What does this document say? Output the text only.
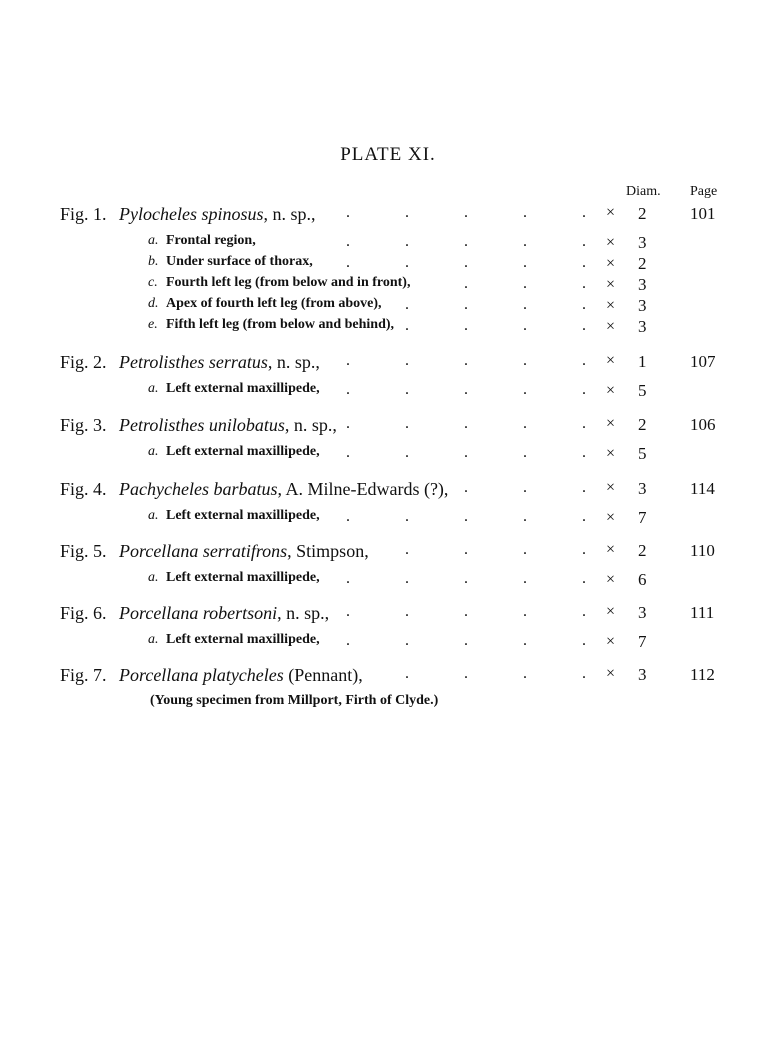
PLATE XI.
Diam. Page
Fig. 1. Pylocheles spinosus, n. sp.,	× 2	101
.	.	.	.	.
a. Frontal region,	× 3
.	.	.	.	.
b. Under surface of thorax,	× 2
.	.	.	.	.
c. Fourth left leg (from below and in front),	× 3
.	.	.
d. Apex of fourth left leg (from above),	× 3
.	.	.	.
e. Fifth left leg (from below and behind),	× 3
.	.	.	.
Fig. 2. Petrolisthes serratus, n. sp.,	× 1	107
.	.	.	.	.
a. Left external maxillipede,	× 5
.	.	.	.	.
Fig. 3. Petrolisthes unilobatus, n. sp.,	× 2	106
.	.	.	.	.
a. Left external maxillipede,	× 5
.	.	.	.	.
Fig. 4. Pachycheles barbatus, A. Milne-Edwards (?),	× 3	114
.	.	.
a. Left external maxillipede,	× 7
.	.	.	.	.
Fig. 5. Porcellana serratifrons, Stimpson,	× 2	110
.	.	.	.
a. Left external maxillipede,	× 6
.	.	.	.	.
Fig. 6. Porcellana robertsoni, n. sp.,	× 3	111
.	.	.	.	.
a. Left external maxillipede,	× 7
.	.	.	.	.
Fig. 7. Porcellana platycheles (Pennant),	× 3	112
.	.	.	.
(Young specimen from Millport, Firth of Clyde.)
